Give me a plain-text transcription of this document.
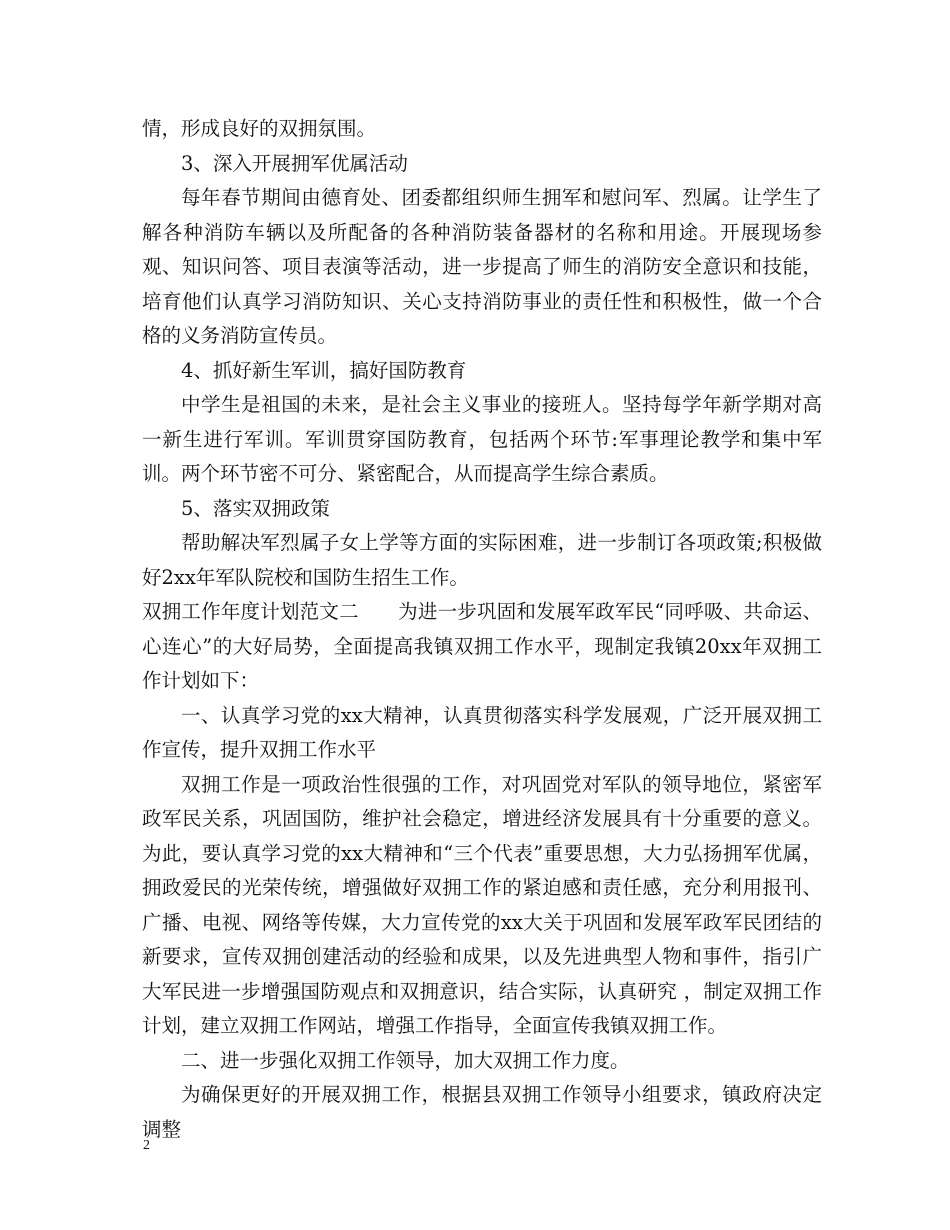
情，形成良好的双拥氛围。

3、深入开展拥军优属活动

每年春节期间由德育处、团委都组织师生拥军和慰问军、烈属。让学生了解各种消防车辆以及所配备的各种消防装备器材的名称和用途。开展现场参观、知识问答、项目表演等活动，进一步提高了师生的消防安全意识和技能，培育他们认真学习消防知识、关心支持消防事业的责任性和积极性，做一个合格的义务消防宣传员。

4、抓好新生军训，搞好国防教育

中学生是祖国的未来，是社会主义事业的接班人。坚持每学年新学期对高一新生进行军训。军训贯穿国防教育，包括两个环节:军事理论教学和集中军训。两个环节密不可分、紧密配合，从而提高学生综合素质。

5、落实双拥政策

帮助解决军烈属子女上学等方面的实际困难，进一步制订各项政策;积极做好2xx年军队院校和国防生招生工作。

双拥工作年度计划范文二　　为进一步巩固和发展军政军民“同呼吸、共命运、心连心”的大好局势，全面提高我镇双拥工作水平，现制定我镇20xx年双拥工作计划如下：

一、认真学习党的xx大精神，认真贯彻落实科学发展观，广泛开展双拥工作宣传，提升双拥工作水平

双拥工作是一项政治性很强的工作，对巩固党对军队的领导地位，紧密军政军民关系，巩固国防，维护社会稳定，增进经济发展具有十分重要的意义。为此，要认真学习党的xx大精神和“三个代表”重要思想，大力弘扬拥军优属，拥政爱民的光荣传统，增强做好双拥工作的紧迫感和责任感，充分利用报刊、广播、电视、网络等传媒，大力宣传党的xx大关于巩固和发展军政军民团结的新要求，宣传双拥创建活动的经验和成果，以及先进典型人物和事件，指引广大军民进一步增强国防观点和双拥意识，结合实际，认真研究 ，制定双拥工作计划，建立双拥工作网站，增强工作指导，全面宣传我镇双拥工作。

二、进一步强化双拥工作领导，加大双拥工作力度。

为确保更好的开展双拥工作，根据县双拥工作领导小组要求，镇政府决定调整

2
